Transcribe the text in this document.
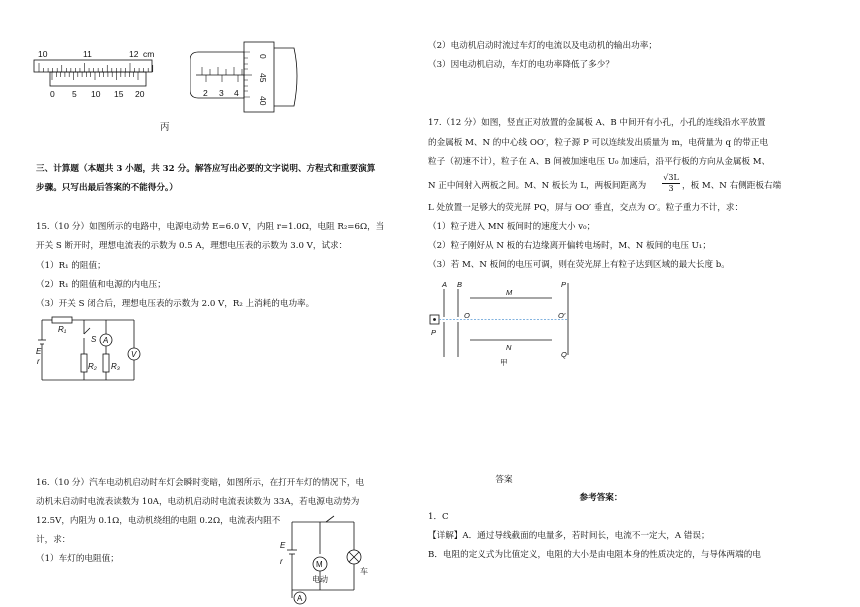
10	11	12 cm
0 5 10 15 20	2 3 4
0
45
40
丙
三、计算题（本题共 3 小题，共 32 分。解答应写出必要的文字说明、方程式和重要演算
步骤。只写出最后答案的不能得分。）
15.（10 分）如图所示的电路中，电源电动势 E=6.0 V，内阻 r=1.0Ω，电阻 R₂=6Ω，当
开关 S 断开时，理想电流表的示数为 0.5 A，理想电压表的示数为 3.0 V，试求：
（1）R₁ 的阻值；
（2）R₁ 的阻值和电源的内电压；
（3）开关 S 闭合后，理想电压表的示数为 2.0 V，R₂ 上消耗的电功率。
R₁
S A
V
E
r
R₂ R₃
16.（10 分）汽车电动机启动时车灯会瞬时变暗，如图所示，在打开车灯的情况下，电
动机未启动时电流表读数为 10A，电动机启动时电流表读数为 33A，若电源电动势为
12.5V，内阻为 0.1Ω，电动机绕组的电阻 0.2Ω，电流表内阻不
计，求：
（1）车灯的电阻值；
E
r	M
电动
车
A
（2）电动机启动时流过车灯的电流以及电动机的输出功率；
（3）因电动机启动，车灯的电功率降低了多少？
17.（12 分）如图，竖直正对放置的金属板 A、B 中间开有小孔，小孔的连线沿水平放置
的金属板 M、N 的中心线 OO′，粒子源 P 可以连续发出质量为 m，电荷量为 q 的带正电
粒子（初速不计），粒子在 A、B 间被加速电压 U₀ 加速后，沿平行板的方向从金属板 M、
N 正中间射入两板之间。M、N 板长为 L，两板间距离为 $\frac{√3L}{3}$ ，板 M、N 右侧距板右端
L 处放置一足够大的荧光屏 PQ，屏与 OO′ 垂直，交点为 O′。粒子重力不计，求：
（1）粒子进入 MN 板间时的速度大小 v₀；
（2）粒子刚好从 N 板的右边缘离开偏转电场时，M、N 板间的电压 U₁；
（3）若 M、N 板间的电压可调，则在荧光屏上有粒子达到区域的最大长度 b。
A B
M
N
P
O
P
O′
Q
甲
答案
参考答案：
1．C
【详解】A．通过导线截面的电量多，若时间长，电流不一定大，A 错误；
B．电阻的定义式为比值定义，电阻的大小是由电阻本身的性质决定的，与导体两端的电
